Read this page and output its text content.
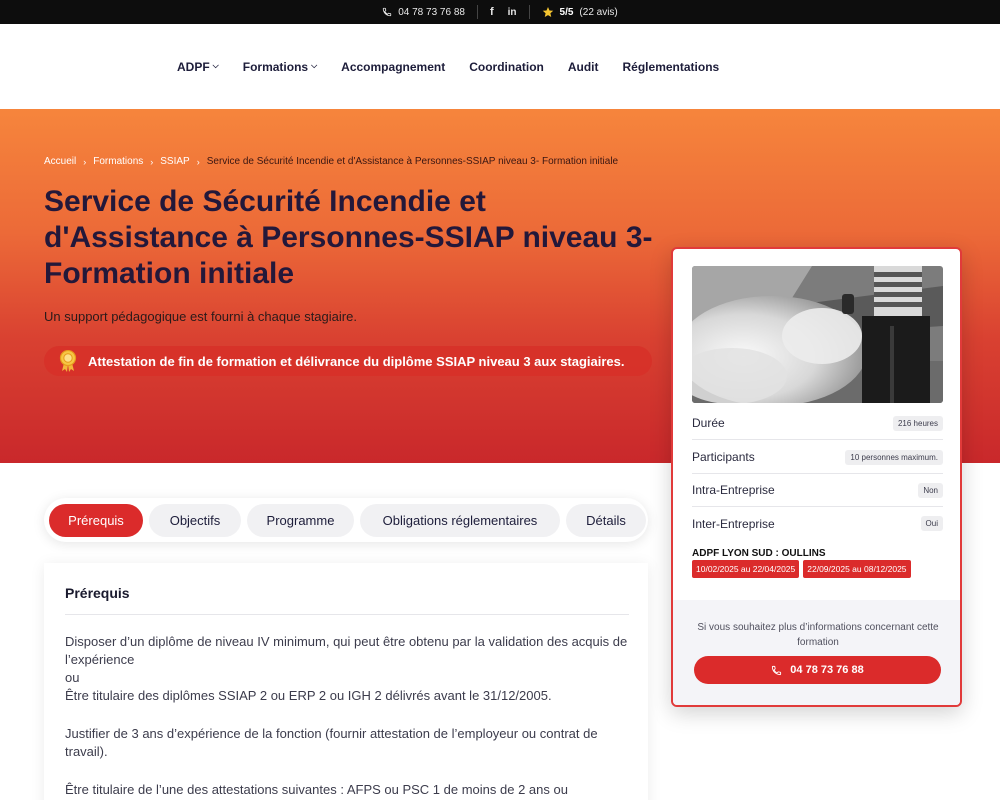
04 78 73 76 88 f in	5/5 (22 avis)
ADPF ⌵ Formations ⌵ Accompagnement Coordination Audit Réglementations
Accueil › Formations › SSIAP › Service de Sécurité Incendie et d'Assistance à Personnes-SSIAP niveau 3- Formation initiale
Service de Sécurité Incendie et d'Assistance à Personnes-SSIAP niveau 3- Formation initiale
Un support pédagogique est fourni à chaque stagiaire.
Attestation de fin de formation et délivrance du diplôme SSIAP niveau 3 aux stagiaires.
Prérequis	Objectifs	Programme	Obligations réglementaires	Détails
Prérequis

Disposer d’un diplôme de niveau IV minimum, qui peut être obtenu par la validation des acquis de l’expérience
ou
Être titulaire des diplômes SSIAP 2 ou ERP 2 ou IGH 2 délivrés avant le 31/12/2005.

Justifier de 3 ans d’expérience de la fonction (fournir attestation de l’employeur ou contrat de travail).

Être titulaire de l’une des attestations suivantes : AFPS ou PSC 1 de moins de 2 ans ou

Durée	216 heures
Participants	10 personnes maximum.
Intra-Entreprise	Non
Inter-Entreprise	Oui
ADPF LYON SUD : OULLINS
10/02/2025 au 22/04/2025	22/09/2025 au 08/12/2025
Si vous souhaitez plus d’informations concernant cette formation
04 78 73 76 88
